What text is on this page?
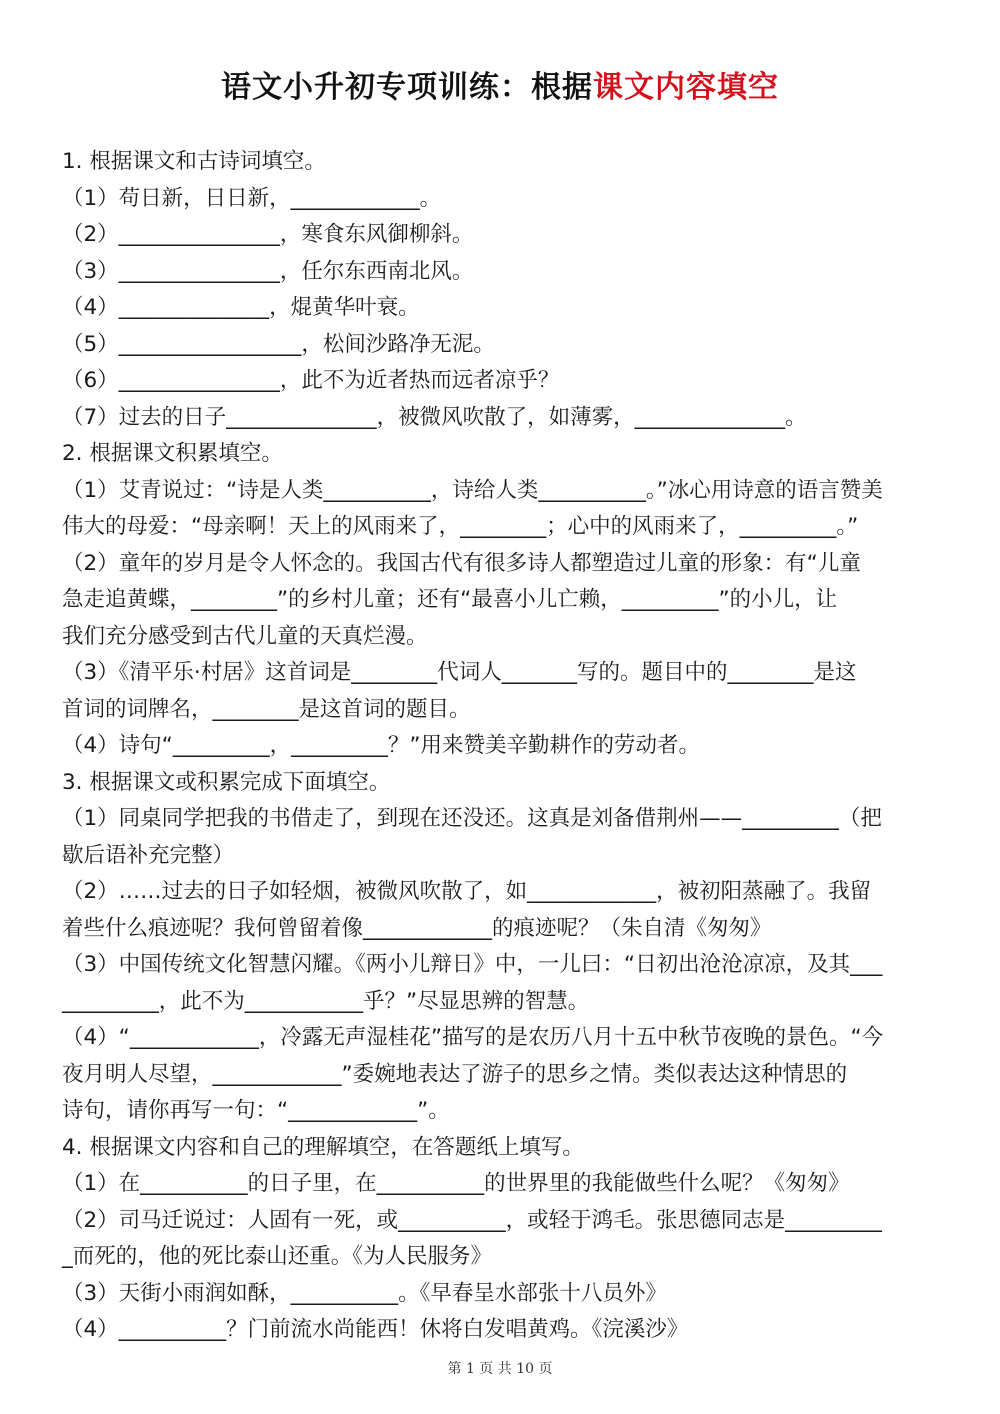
语文小升初专项训练：根据课文内容填空
1. 根据课文和古诗词填空。
（1）苟日新，日日新，____________。
（2）_______________，寒食东风御柳斜。
（3）_______________，任尔东西南北风。
（4）______________，焜黄华叶衰。
（5）_________________，松间沙路净无泥。
（6）_______________，此不为近者热而远者凉乎？
（7）过去的日子______________，被微风吹散了，如薄雾，______________。
2. 根据课文积累填空。
（1）艾青说过：“诗是人类__________，诗给人类__________。”冰心用诗意的语言赞美
伟大的母爱：“母亲啊！天上的风雨来了，________；心中的风雨来了，_________。”
（2）童年的岁月是令人怀念的。我国古代有很多诗人都塑造过儿童的形象：有“儿童
急走追黄蝶，________”的乡村儿童；还有“最喜小儿亡赖，_________”的小儿，让
我们充分感受到古代儿童的天真烂漫。
（3）《清平乐·村居》这首词是________代词人_______写的。题目中的________是这
首词的词牌名，________是这首词的题目。
（4）诗句“_________，_________？”用来赞美辛勤耕作的劳动者。
3. 根据课文或积累完成下面填空。
（1）同桌同学把我的书借走了，到现在还没还。这真是刘备借荆州——_________（把
歇后语补充完整）
（2）……过去的日子如轻烟，被微风吹散了，如____________，被初阳蒸融了。我留
着些什么痕迹呢？我何曾留着像____________的痕迹呢？（朱自清《匆匆》
（3）中国传统文化智慧闪耀。《两小儿辩日》中，一儿曰：“日初出沧沧凉凉，及其___
_________，此不为___________乎？”尽显思辨的智慧。
（4）“____________，冷露无声湿桂花”描写的是农历八月十五中秋节夜晚的景色。“今
夜月明人尽望，____________”委婉地表达了游子的思乡之情。类似表达这种情思的
诗句，请你再写一句：“____________”。
4. 根据课文内容和自己的理解填空，在答题纸上填写。
（1）在__________的日子里，在__________的世界里的我能做些什么呢？《匆匆》
（2）司马迁说过：人固有一死，或__________，或轻于鸿毛。张思德同志是_________
_而死的，他的死比泰山还重。《为人民服务》
（3）天街小雨润如酥，__________。《早春呈水部张十八员外》
（4）__________？门前流水尚能西！休将白发唱黄鸡。《浣溪沙》
第 1 页 共 10 页
